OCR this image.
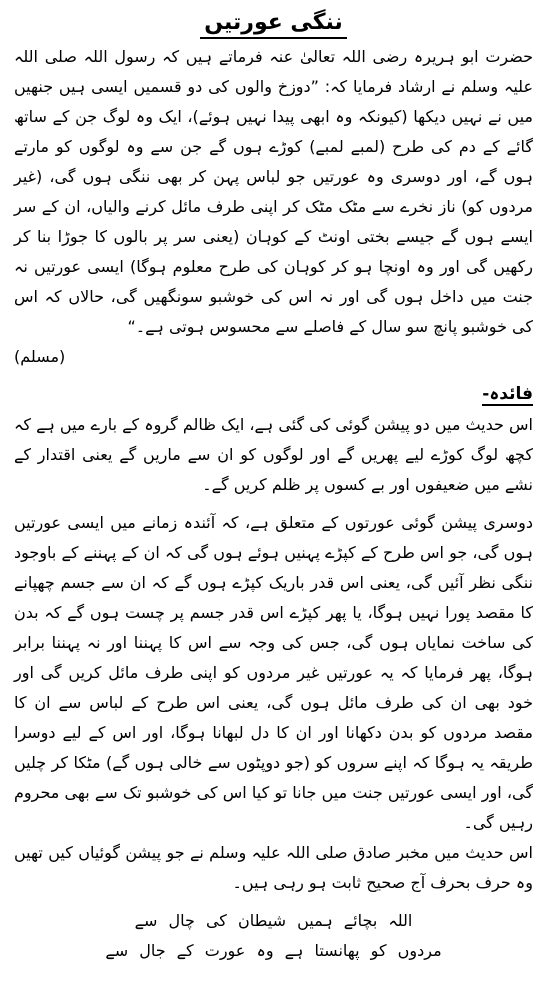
ننگی عورتیں

حضرت ابو ہریرہ رضی اللہ تعالیٰ عنہ فرماتے ہیں کہ رسول اللہ صلی اللہ علیہ وسلم نے ارشاد فرمایا کہ: ”دوزخ والوں کی دو قسمیں ایسی ہیں جنھیں میں نے نہیں دیکھا (کیونکہ وہ ابھی پیدا نہیں ہوئے)، ایک وہ لوگ جن کے ساتھ گائے کے دم کی طرح (لمبے لمبے) کوڑے ہوں گے جن سے وہ لوگوں کو مارتے ہوں گے، اور دوسری وہ عورتیں جو لباس پہن کر بھی ننگی ہوں گی، (غیر مردوں کو) ناز نخرے سے مٹک مٹک کر اپنی طرف مائل کرنے والیاں، ان کے سر ایسے ہوں گے جیسے بختی اونٹ کے کوہان (یعنی سر پر بالوں کا جوڑا بنا کر رکھیں گی اور وہ اونچا ہو کر کوہان کی طرح معلوم ہوگا) ایسی عورتیں نہ جنت میں داخل ہوں گی اور نہ اس کی خوشبو سونگھیں گی، حالاں کہ اس کی خوشبو پانچ سو سال کے فاصلے سے محسوس ہوتی ہے۔“

(مسلم)

فائدہ-

اس حدیث میں دو پیشن گوئی کی گئی ہے، ایک ظالم گروہ کے بارے میں ہے کہ کچھ لوگ کوڑے لیے پھریں گے اور لوگوں کو ان سے ماریں گے یعنی اقتدار کے نشے میں ضعیفوں اور بے کسوں پر ظلم کریں گے۔

دوسری پیشن گوئی عورتوں کے متعلق ہے، کہ آئندہ زمانے میں ایسی عورتیں ہوں گی، جو اس طرح کے کپڑے پہنیں ہوئے ہوں گی کہ ان کے پہننے کے باوجود ننگی نظر آئیں گی، یعنی اس قدر باریک کپڑے ہوں گے کہ ان سے جسم چھپانے کا مقصد پورا نہیں ہوگا، یا پھر کپڑے اس قدر جسم پر چست ہوں گے کہ بدن کی ساخت نمایاں ہوں گی، جس کی وجہ سے اس کا پہننا اور نہ پہننا برابر ہوگا، پھر فرمایا کہ یہ عورتیں غیر مردوں کو اپنی طرف مائل کریں گی اور خود بھی ان کی طرف مائل ہوں گی، یعنی اس طرح کے لباس سے ان کا مقصد مردوں کو بدن دکھانا اور ان کا دل لبھانا ہوگا، اور اس کے لیے دوسرا طریقہ یہ ہوگا کہ اپنے سروں کو (جو دوپٹوں سے خالی ہوں گے) مٹکا کر چلیں گی، اور ایسی عورتیں جنت میں جانا تو کیا اس کی خوشبو تک سے بھی محروم رہیں گی۔

اس حدیث میں مخبر صادق صلی اللہ علیہ وسلم نے جو پیشن گوئیاں کیں تھیں وہ حرف بحرف آج صحیح ثابت ہو رہی ہیں۔

اللہ بچائے ہمیں شیطان کی چال سے

مردوں کو پھانستا ہے وہ عورت کے جال سے
